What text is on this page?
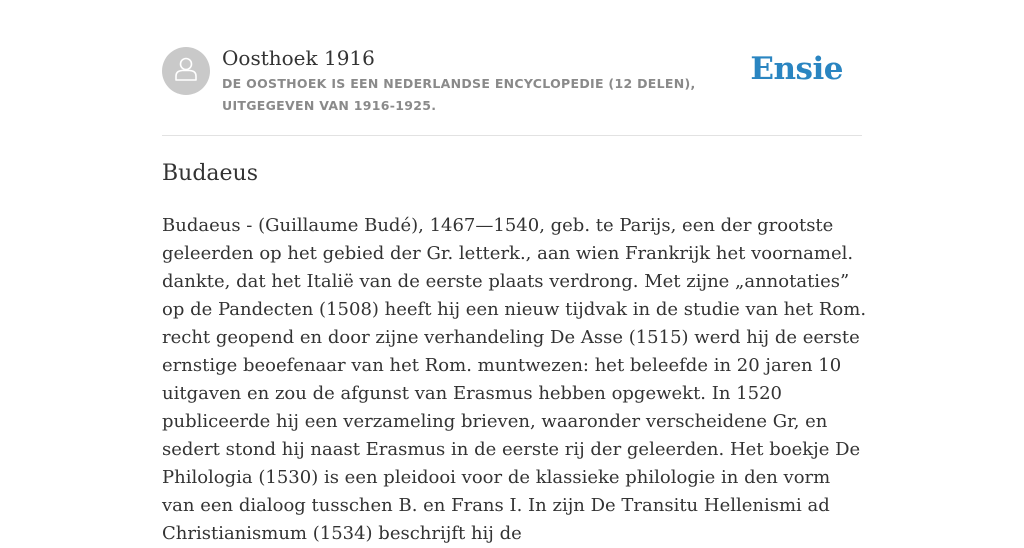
Oosthoek 1916
DE OOSTHOEK IS EEN NEDERLANDSE ENCYCLOPEDIE (12 DELEN), UITGEGEVEN VAN 1916-1925.
Ensie
Budaeus

Budaeus - (Guillaume Budé), 1467—1540, geb. te Parijs, een der grootste geleerden op het gebied der Gr. letterk., aan wien Frankrijk het voornamel. dankte, dat het Italië van de eerste plaats verdrong. Met zijne „annotaties” op de Pandecten (1508) heeft hij een nieuw tijdvak in de studie van het Rom. recht geopend en door zijne verhandeling De Asse (1515) werd hij de eerste ernstige beoefenaar van het Rom. muntwezen: het beleefde in 20 jaren 10 uitgaven en zou de afgunst van Erasmus hebben opgewekt. In 1520 publiceerde hij een verzameling brieven, waaronder verscheidene Gr, en sedert stond hij naast Erasmus in de eerste rij der geleerden. Het boekje De Philologia (1530) is een pleidooi voor de klassieke philologie in den vorm van een dialoog tusschen B. en Frans I. In zijn De Transitu Hellenismi ad Christianismum (1534) beschrijft hij de
